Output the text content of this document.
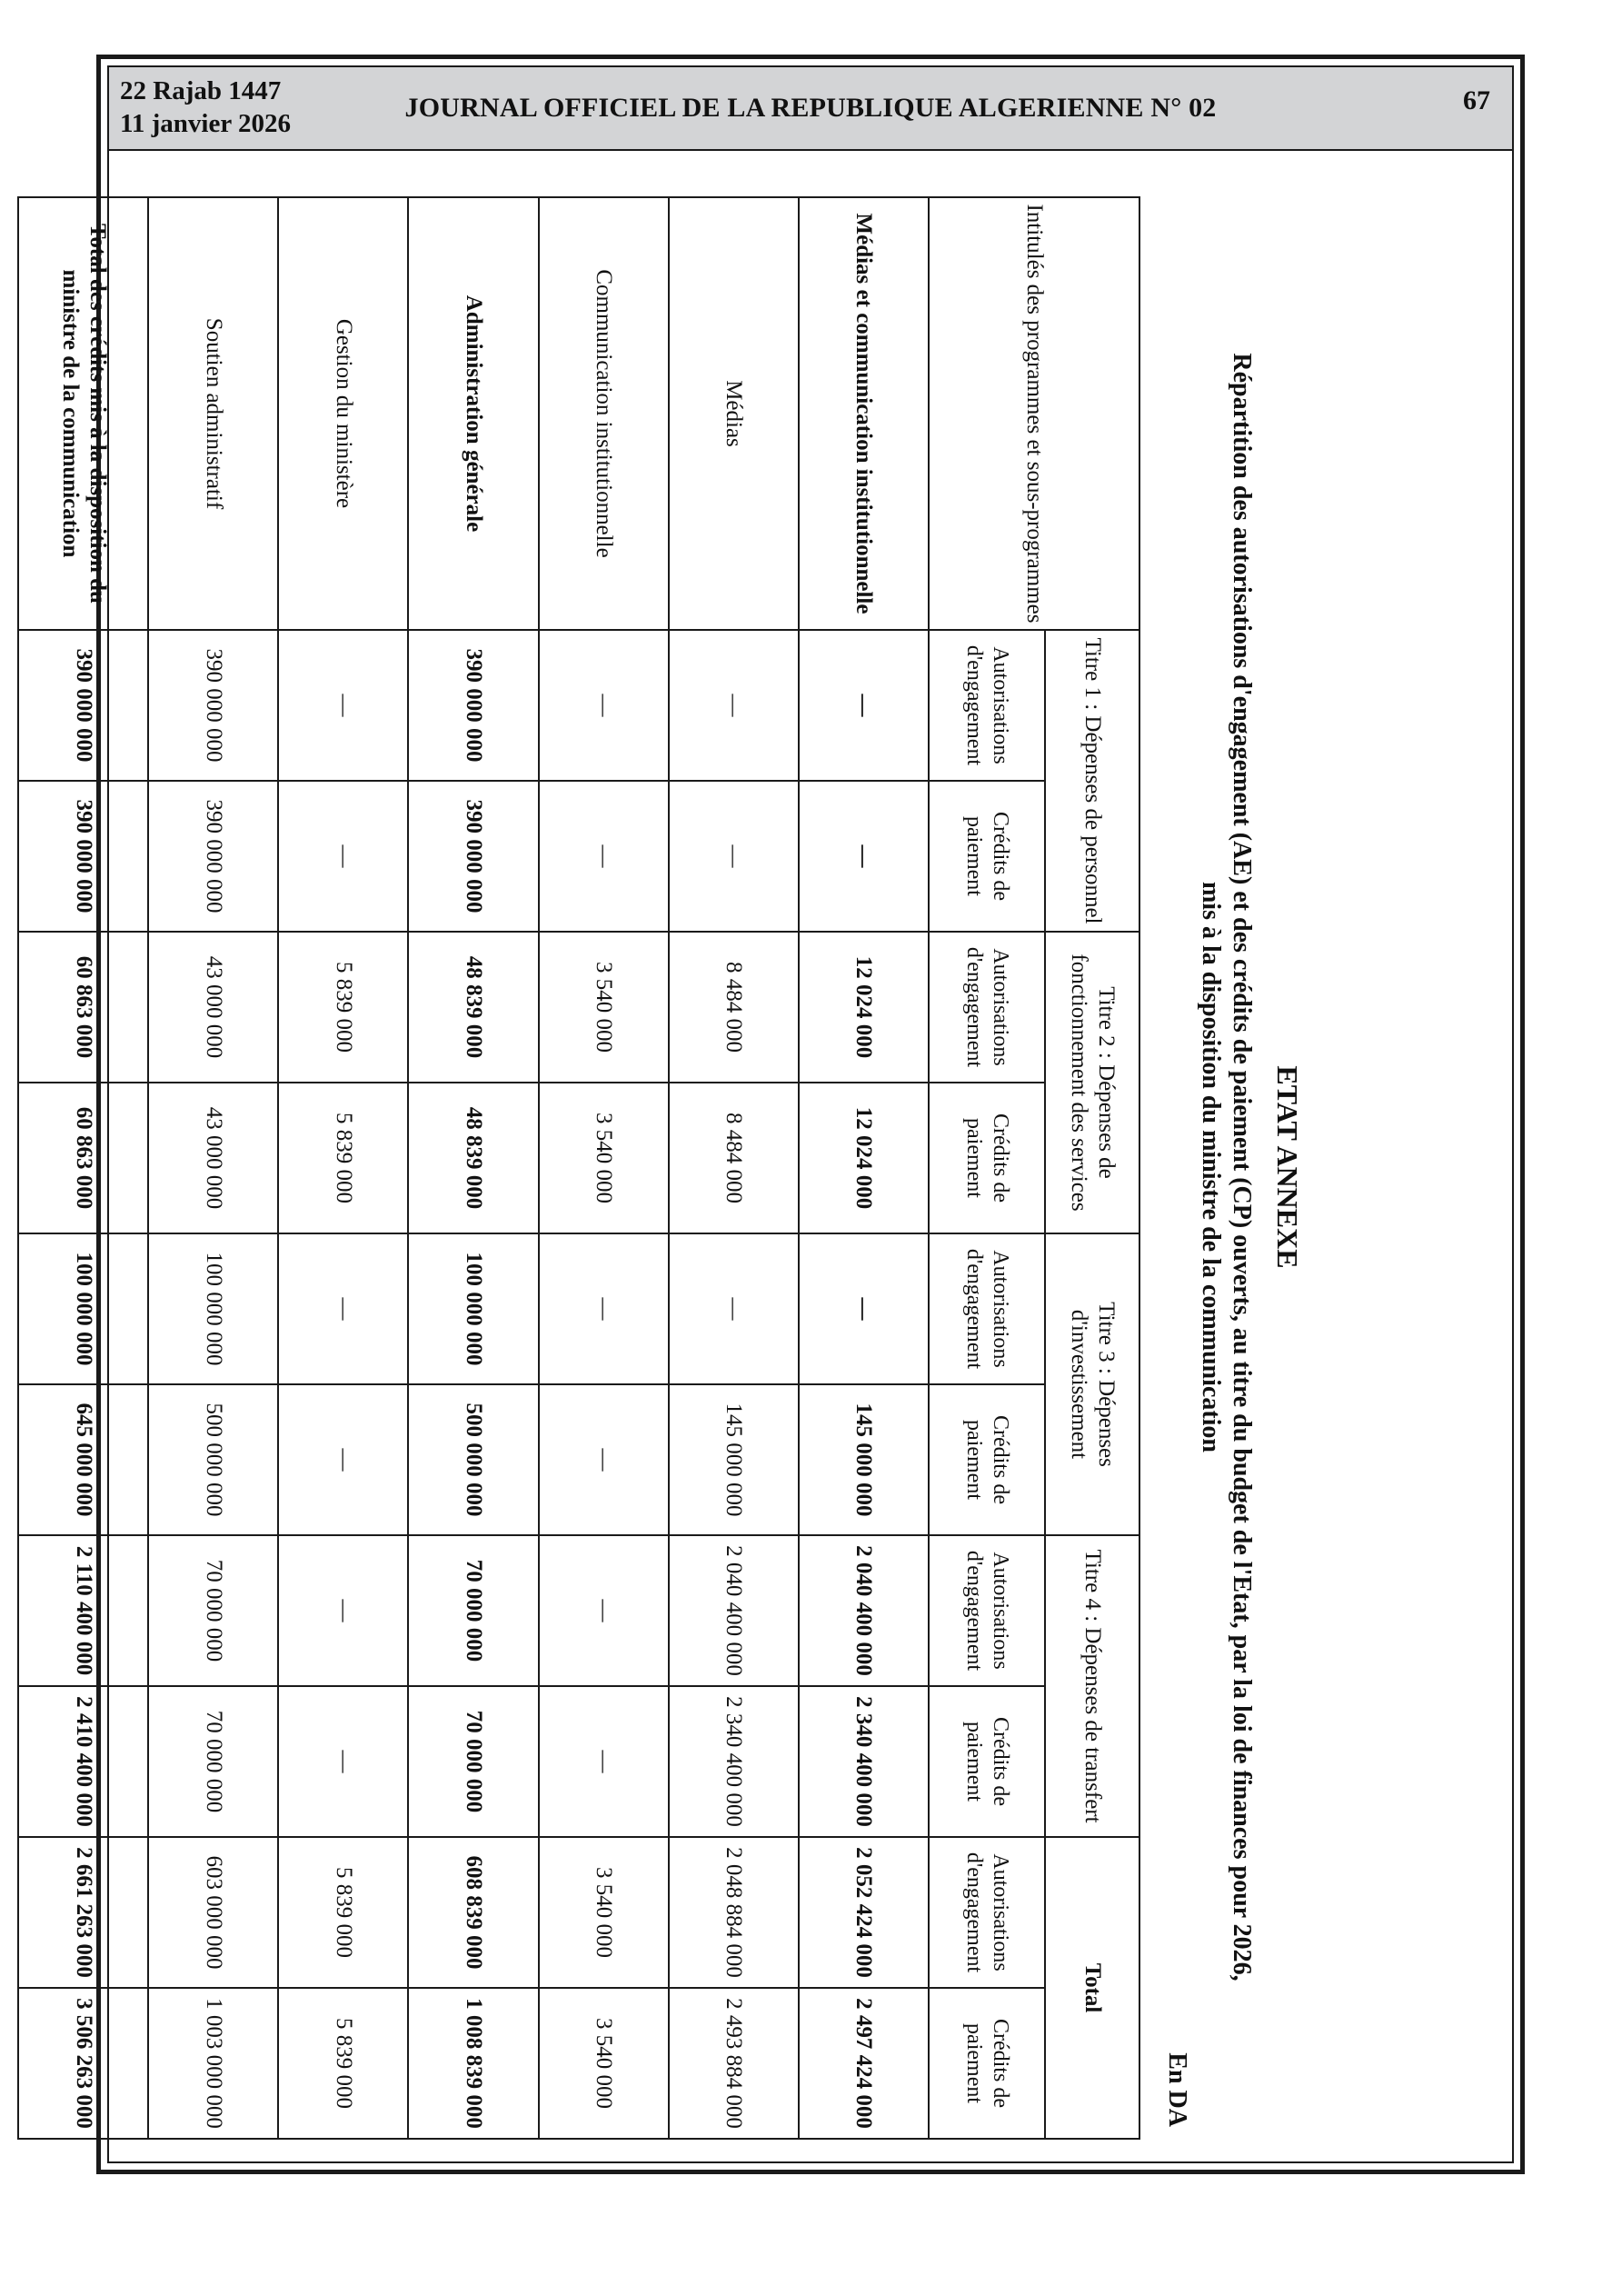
22 Rajab 1447
11 janvier 2026
JOURNAL OFFICIEL DE LA REPUBLIQUE ALGERIENNE N° 02	67
ETAT ANNEXE
Répartition des autorisations d'engagement (AE) et des crédits de paiement (CP) ouverts, au titre du budget de l'Etat, par la loi de finances pour 2026,
mis à la disposition du ministre de la communication
En DA
Intitulés des programmes et sous-programmes	Titre 1 : Dépenses de personnel		Titre 2 : Dépenses de fonctionnement des services		Titre 3 : Dépenses d'investissement		Titre 4 : Dépenses de transfert		Total	
	Autorisations d'engagement	Crédits de paiement	Autorisations d'engagement	Crédits de paiement	Autorisations d'engagement	Crédits de paiement	Autorisations d'engagement	Crédits de paiement	Autorisations d'engagement	Crédits de paiement
Médias et communication institutionnelle	—	—	12 024 000	12 024 000	—	145 000 000	2 040 400 000	2 340 400 000	2 052 424 000	2 497 424 000
Médias	—	—	8 484 000	8 484 000	—	145 000 000	2 040 400 000	2 340 400 000	2 048 884 000	2 493 884 000
Communication institutionnelle	—	—	3 540 000	3 540 000	—	—	—	—	3 540 000	3 540 000
Administration générale	390 000 000	390 000 000	48 839 000	48 839 000	100 000 000	500 000 000	70 000 000	70 000 000	608 839 000	1 008 839 000
Gestion du ministère	—	—	5 839 000	5 839 000	—	—	—	—	5 839 000	5 839 000
Soutien administratif	390 000 000	390 000 000	43 000 000	43 000 000	100 000 000	500 000 000	70 000 000	70 000 000	603 000 000	1 003 000 000
Total des crédits mis à la disposition du ministre de la communication	390 000 000	390 000 000	60 863 000	60 863 000	100 000 000	645 000 000	2 110 400 000	2 410 400 000	2 661 263 000	3 506 263 000
